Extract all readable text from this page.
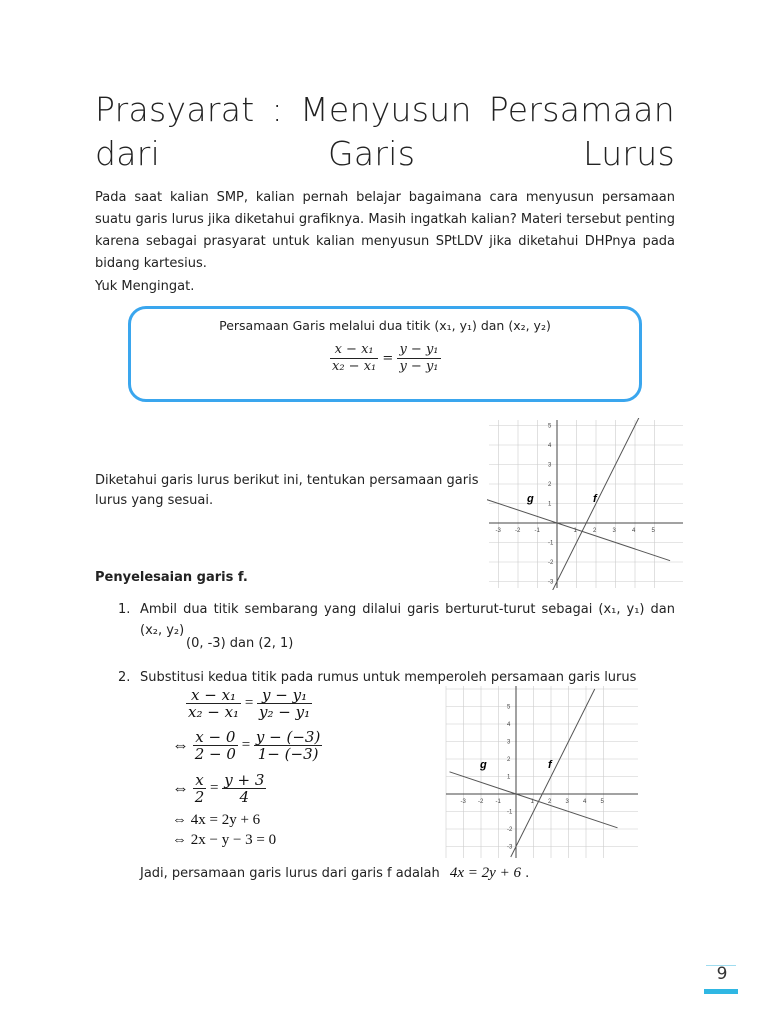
Prasyarat : Menyusun Persamaan
dari Garis Lurus
Pada saat kalian SMP, kalian pernah belajar bagaimana cara menyusun persamaan suatu garis lurus jika diketahui grafiknya. Masih ingatkah kalian? Materi tersebut penting karena sebagai prasyarat untuk kalian menyusun SPtLDV jika diketahui DHPnya pada bidang kartesius.
Yuk Mengingat.
Persamaan Garis melalui dua titik (x₁, y₁) dan (x₂, y₂)
$\frac{\text{x − x₁}}{\text{x₂ − x₁}} = \frac{\text{y − y₁}}{\text{y − y₁}}$
Diketahui garis lurus berikut ini, tentukan persamaan garis lurus yang sesuai.
-3 -2 -1	1	2	3	4	5
5
4
3
2
1
-1
-2
-3
g	f
Penyelesaian garis f.
1. Ambil dua titik sembarang yang dilalui garis berturut-turut sebagai (x₁, y₁) dan (x₂, y₂)
(0, -3) dan (2, 1)
2. Substitusi kedua titik pada rumus untuk memperoleh persamaan garis lurus
$\frac{\text{x − x₁}}{\text{x₂ − x₁}} = \frac{\text{y − y₁}}{\text{y₂ − y₁}}$
⇔ $\frac{x - 0}{2 - 0} = \frac{y - (-3)}{1- (-3)}$
⇔ $\frac{x}{2} = \frac{y + 3}{4}$
⇔ 4x = 2y + 6
⇔ 2x − y − 3 = 0
-3 -2 -1	1 2 3 4 5
5
4
3
2
1
-1
-2
-3
g	f
Jadi, persamaan garis lurus dari garis f adalah 4x = 2y + 6 .
9
